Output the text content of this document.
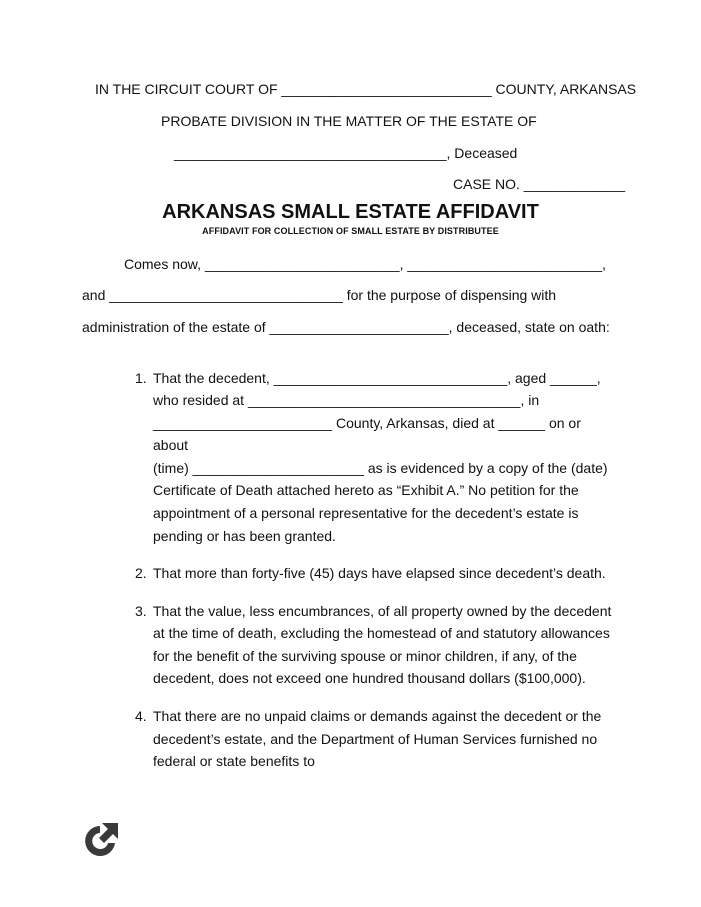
IN THE CIRCUIT COURT OF ___________________________ COUNTY, ARKANSAS
PROBATE DIVISION IN THE MATTER OF THE ESTATE OF
___________________________________, Deceased
CASE NO. _____________
ARKANSAS SMALL ESTATE AFFIDAVIT
AFFIDAVIT FOR COLLECTION OF SMALL ESTATE BY DISTRIBUTEE
Comes now, _________________________, _________________________,
and ______________________________ for the purpose of dispensing with
administration of the estate of _______________________, deceased, state on oath:
1. That the decedent, ______________________________, aged ______,
who resided at ___________________________________, in
_______________________ County, Arkansas, died at ______ on or
about
(time) ______________________ as is evidenced by a copy of the (date)
Certificate of Death attached hereto as “Exhibit A.” No petition for the
appointment of a personal representative for the decedent’s estate is
pending or has been granted.
2. That more than forty-five (45) days have elapsed since decedent’s death.
3. That the value, less encumbrances, of all property owned by the decedent
at the time of death, excluding the homestead of and statutory allowances
for the benefit of the surviving spouse or minor children, if any, of the
decedent, does not exceed one hundred thousand dollars ($100,000).
4. That there are no unpaid claims or demands against the decedent or the
decedent’s estate, and the Department of Human Services furnished no
federal or state benefits to
